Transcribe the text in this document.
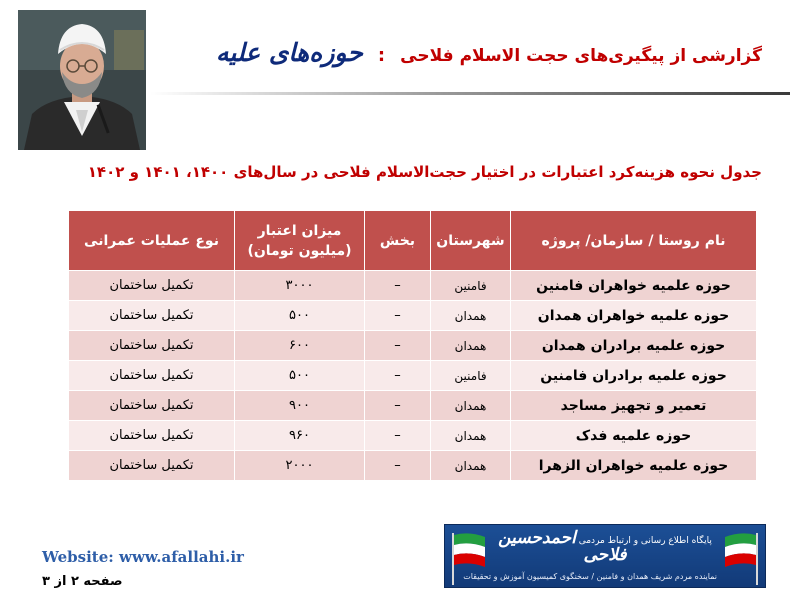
گزارشی از پیگیری‌های حجت الاسلام فلاحی : حوزه‌های علیه
جدول نحوه هزینه‌کرد اعتبارات در اختیار حجت‌الاسلام فلاحی در سال‌های ۱۴۰۰، ۱۴۰۱ و ۱۴۰۲
نام روستا / سازمان/ پروژه	شهرستان	بخش	میزان اعتبار (میلیون تومان)	نوع عملیات عمرانی
حوزه علمیه خواهران فامنین	فامنین	–	۳۰۰۰	تکمیل ساختمان
حوزه علمیه خواهران همدان	همدان	–	۵۰۰	تکمیل ساختمان
حوزه علمیه برادران همدان	همدان	–	۶۰۰	تکمیل ساختمان
حوزه علمیه برادران فامنین	فامنین	–	۵۰۰	تکمیل ساختمان
تعمیر و تجهیز مساجد	همدان	–	۹۰۰	تکمیل ساختمان
حوزه علمیه فدک	همدان	–	۹۶۰	تکمیل ساختمان
حوزه علمیه خواهران الزهرا	همدان	–	۲۰۰۰	تکمیل ساختمان
Website: www.afallahi.ir
صفحه ۲ از ۳
پایگاه اطلاع رسانی و ارتباط مردمی احمدحسین فلاحی
نماینده مردم شریف همدان و فامنین / سخنگوی کمیسیون آموزش و تحقیقات
